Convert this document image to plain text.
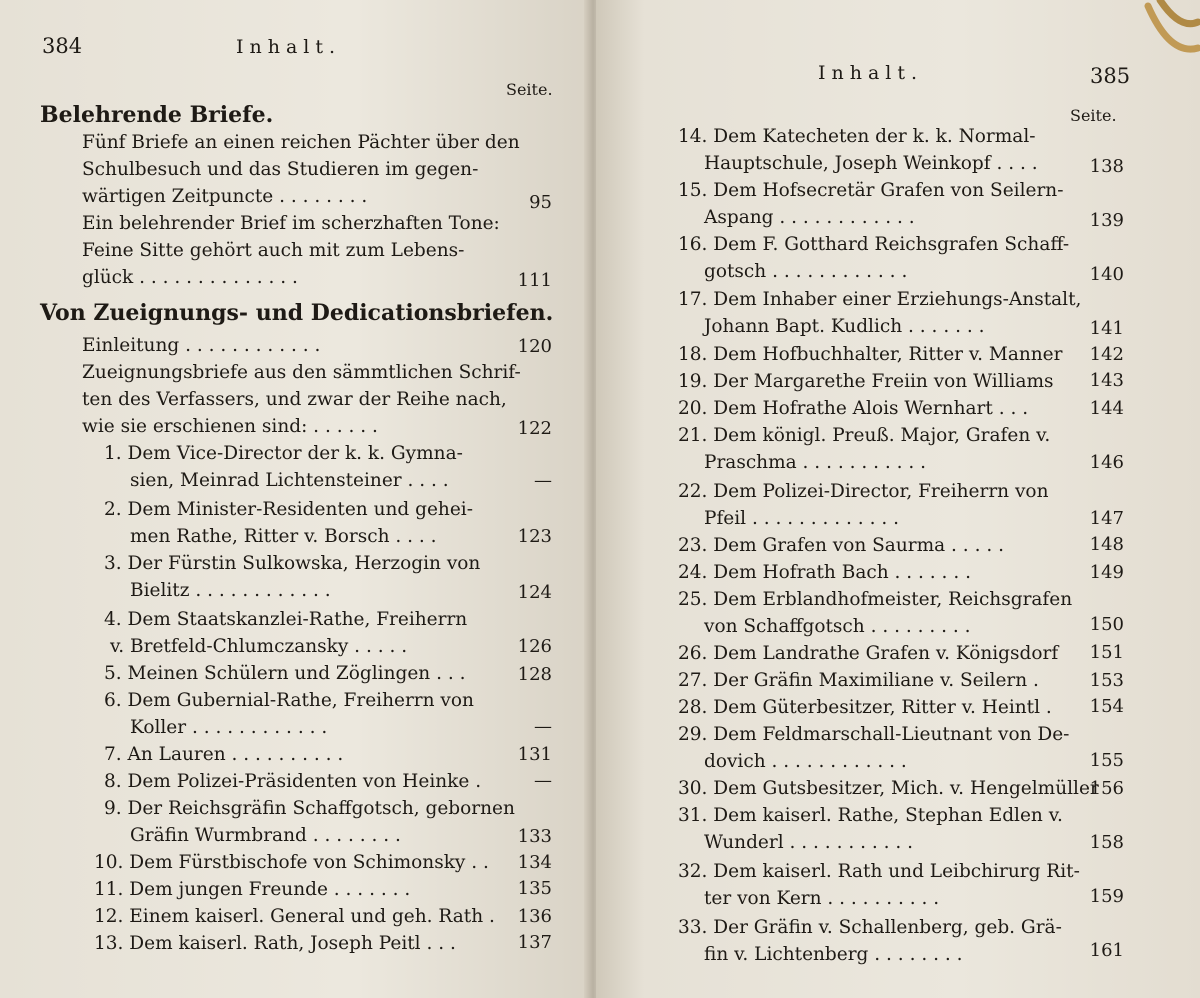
384	Inhalt.
Seite.
Belehrende Briefe.
Fünf Briefe an einen reichen Pächter über den
Schulbesuch und das Studieren im gegen-
wärtigen Zeitpuncte . . . . . . . .	95
Ein belehrender Brief im scherzhaften Tone:
Feine Sitte gehört auch mit zum Lebens-
glück . . . . . . . . . . . . . .	111
Von Zueignungs- und Dedicationsbriefen.
Einleitung . . . . . . . . . . . .	120
Zueignungsbriefe aus den sämmtlichen Schrif-
ten des Verfassers, und zwar der Reihe nach,
wie sie erschienen sind: . . . . . .	122
1. Dem Vice-Director der k. k. Gymna-
sien, Meinrad Lichtensteiner . . . .	—
2. Dem Minister-Residenten und gehei-
men Rathe, Ritter v. Borsch . . . .	123
3. Der Fürstin Sulkowska, Herzogin von
Bielitz . . . . . . . . . . . .	124
4. Dem Staatskanzlei-Rathe, Freiherrn
v. Bretfeld-Chlumczansky . . . . .	126
5. Meinen Schülern und Zöglingen . . .	128
6. Dem Gubernial-Rathe, Freiherrn von
Koller . . . . . . . . . . . .	—
7. An Lauren . . . . . . . . . .	131
8. Dem Polizei-Präsidenten von Heinke .	—
9. Der Reichsgräfin Schaffgotsch, gebornen
Gräfin Wurmbrand . . . . . . . .	133
10. Dem Fürstbischofe von Schimonsky . .	134
11. Dem jungen Freunde . . . . . . .	135
12. Einem kaiserl. General und geh. Rath .	136
13. Dem kaiserl. Rath, Joseph Peitl . . .	137
Inhalt.	385
Seite.
14. Dem Katecheten der k. k. Normal-
Hauptschule, Joseph Weinkopf . . . .	138
15. Dem Hofsecretär Grafen von Seilern-
Aspang . . . . . . . . . . . .	139
16. Dem F. Gotthard Reichsgrafen Schaff-
gotsch . . . . . . . . . . . .	140
17. Dem Inhaber einer Erziehungs-Anstalt,
Johann Bapt. Kudlich . . . . . . .	141
18. Dem Hofbuchhalter, Ritter v. Manner	142
19. Der Margarethe Freiin von Williams	143
20. Dem Hofrathe Alois Wernhart . . .	144
21. Dem königl. Preuß. Major, Grafen v.
Praschma . . . . . . . . . . .	146
22. Dem Polizei-Director, Freiherrn von
Pfeil . . . . . . . . . . . . .	147
23. Dem Grafen von Saurma . . . . .	148
24. Dem Hofrath Bach . . . . . . .	149
25. Dem Erblandhofmeister, Reichsgrafen
von Schaffgotsch . . . . . . . . .	150
26. Dem Landrathe Grafen v. Königsdorf	151
27. Der Gräfin Maximiliane v. Seilern .	153
28. Dem Güterbesitzer, Ritter v. Heintl .	154
29. Dem Feldmarschall-Lieutnant von De-
dovich . . . . . . . . . . . .	155
30. Dem Gutsbesitzer, Mich. v. Hengelmüller
156
31. Dem kaiserl. Rathe, Stephan Edlen v.
Wunderl . . . . . . . . . . .	158
32. Dem kaiserl. Rath und Leibchirurg Rit-
ter von Kern . . . . . . . . . .	159
33. Der Gräfin v. Schallenberg, geb. Grä-
fin v. Lichtenberg . . . . . . . .	161
